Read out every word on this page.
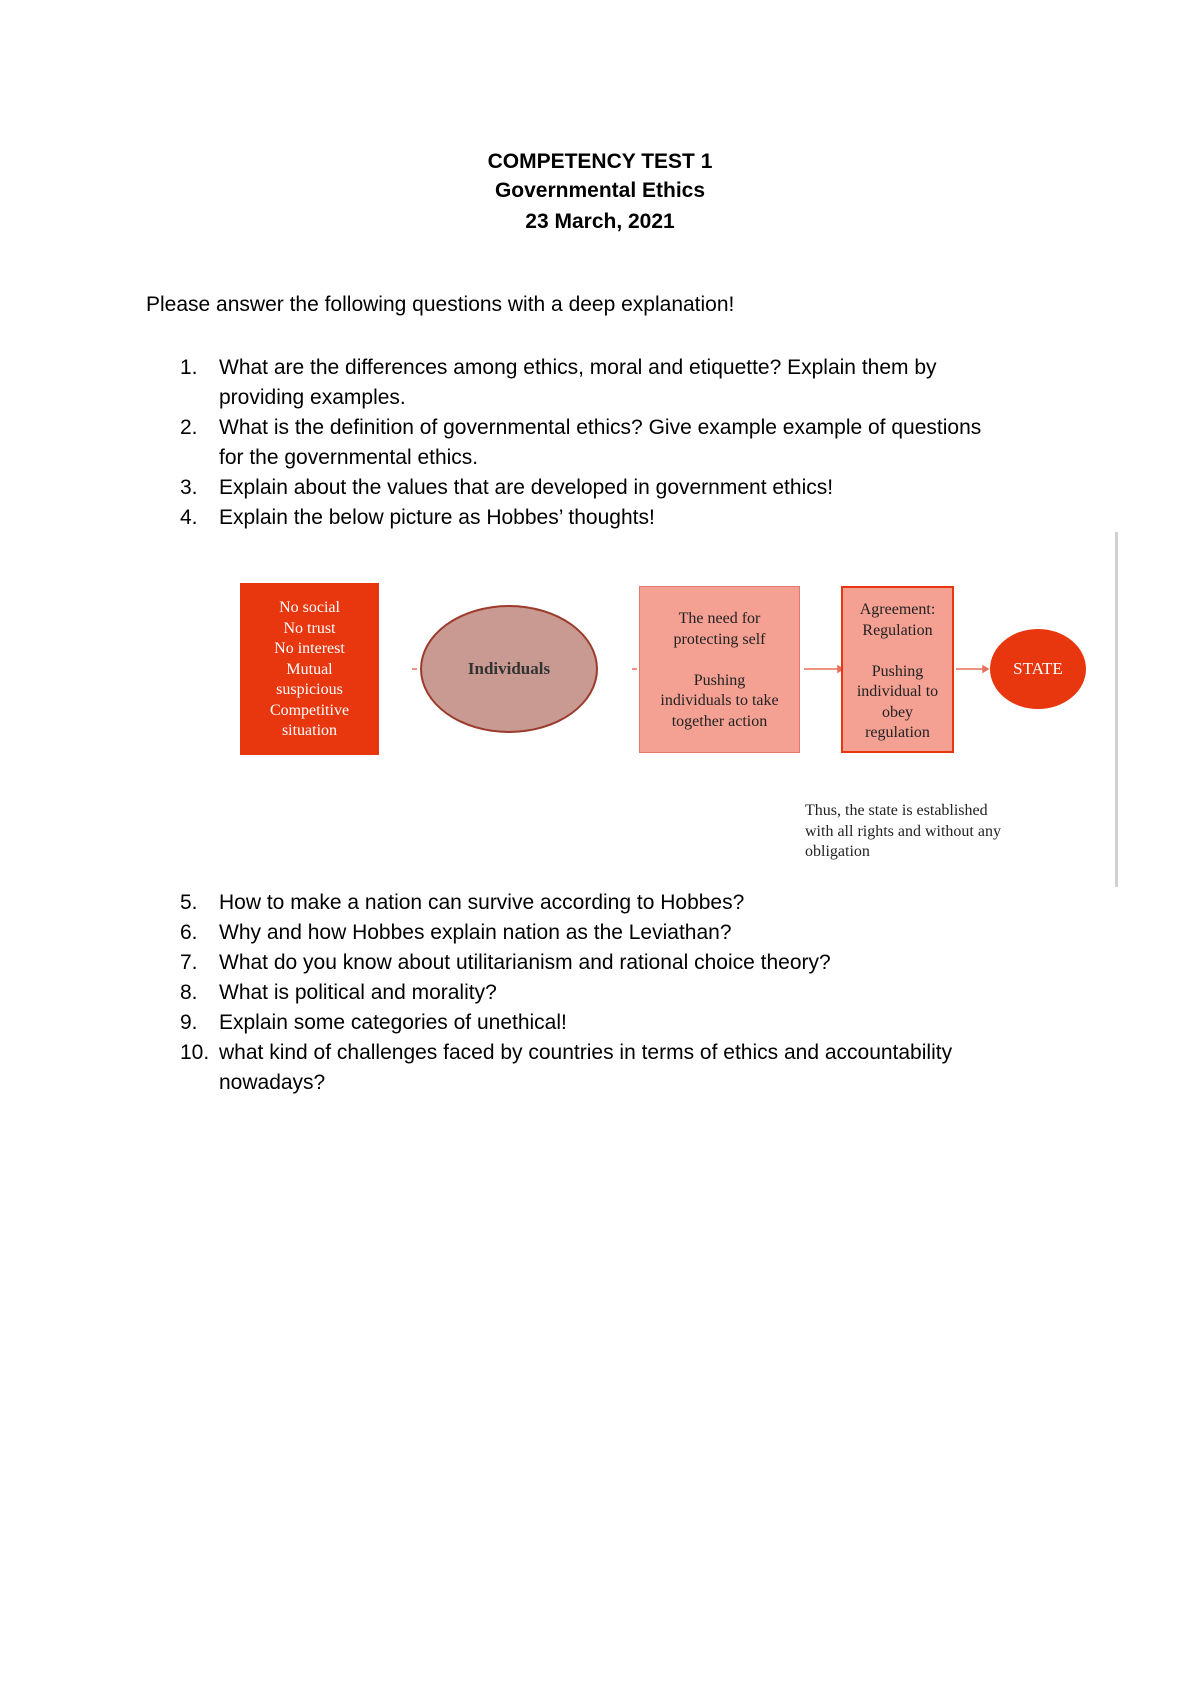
COMPETENCY TEST 1
Governmental Ethics
23 March, 2021
Please answer the following questions with a deep explanation!
1.	What are the differences among ethics, moral and etiquette? Explain them by
providing examples.
2.	What is the definition of governmental ethics? Give example example of questions
for the governmental ethics.
3.	Explain about the values that are developed in government ethics!
4.	Explain the below picture as Hobbes’ thoughts!
No social
No trust
No interest
Mutual
suspicious
Competitive
situation
Individuals
The need for
protecting self
Pushing
individuals to take
together action
Agreement:
Regulation
Pushing
individual to
obey
regulation
STATE
Thus, the state is established
with all rights and without any
obligation
5.	How to make a nation can survive according to Hobbes?
6.	Why and how Hobbes explain nation as the Leviathan?
7.	What do you know about utilitarianism and rational choice theory?
8.	What is political and morality?
9.	Explain some categories of unethical!
10. what kind of challenges faced by countries in terms of ethics and accountability
nowadays?
